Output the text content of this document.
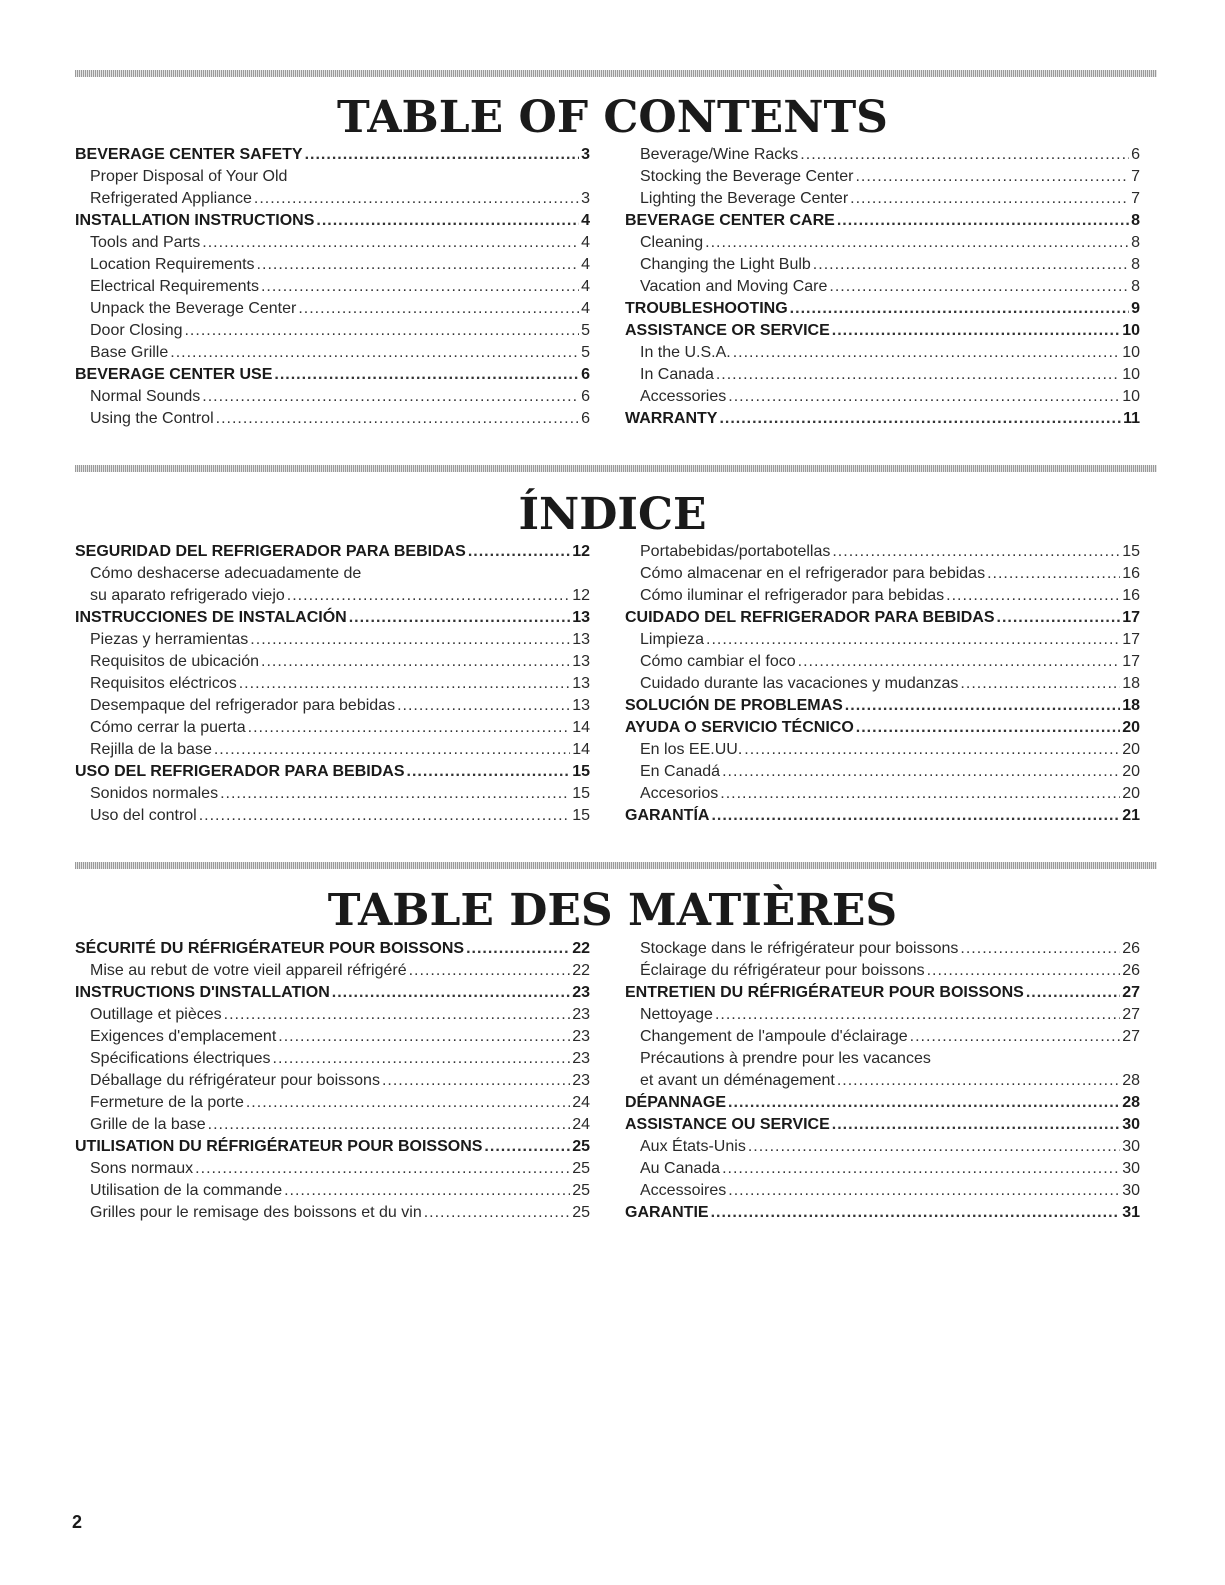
TABLE OF CONTENTS
BEVERAGE CENTER SAFETY .....	3
Proper Disposal of Your Old
Refrigerated Appliance .....	3
INSTALLATION INSTRUCTIONS .....	4
Tools and Parts .....	4
Location Requirements .....	4
Electrical Requirements .....	4
Unpack the Beverage Center .....	4
Door Closing .....	5
Base Grille .....	5
BEVERAGE CENTER USE .....	6
Normal Sounds .....	6
Using the Control .....	6
Beverage/Wine Racks .....	6
Stocking the Beverage Center .....	7
Lighting the Beverage Center .....	7
BEVERAGE CENTER CARE .....	8
Cleaning .....	8
Changing the Light Bulb .....	8
Vacation and Moving Care .....	8
TROUBLESHOOTING .....	9
ASSISTANCE OR SERVICE .....	10
In the U.S.A. .....	10
In Canada .....	10
Accessories .....	10
WARRANTY .....	11
ÍNDICE
SEGURIDAD DEL REFRIGERADOR PARA BEBIDAS .....	12
Cómo deshacerse adecuadamente de
su aparato refrigerado viejo .....	12
INSTRUCCIONES DE INSTALACIÓN .....	13
Piezas y herramientas .....	13
Requisitos de ubicación .....	13
Requisitos eléctricos .....	13
Desempaque del refrigerador para bebidas .....	13
Cómo cerrar la puerta .....	14
Rejilla de la base .....	14
USO DEL REFRIGERADOR PARA BEBIDAS .....	15
Sonidos normales .....	15
Uso del control .....	15
Portabebidas/portabotellas .....	15
Cómo almacenar en el refrigerador para bebidas .....	16
Cómo iluminar el refrigerador para bebidas .....	16
CUIDADO DEL REFRIGERADOR PARA BEBIDAS .....	17
Limpieza .....	17
Cómo cambiar el foco .....	17
Cuidado durante las vacaciones y mudanzas .....	18
SOLUCIÓN DE PROBLEMAS .....	18
AYUDA O SERVICIO TÉCNICO .....	20
En los EE.UU. .....	20
En Canadá .....	20
Accesorios .....	20
GARANTÍA .....	21
TABLE DES MATIÈRES
SÉCURITÉ DU RÉFRIGÉRATEUR POUR BOISSONS .....	22
Mise au rebut de votre vieil appareil réfrigéré .....	22
INSTRUCTIONS D'INSTALLATION .....	23
Outillage et pièces .....	23
Exigences d'emplacement .....	23
Spécifications électriques .....	23
Déballage du réfrigérateur pour boissons .....	23
Fermeture de la porte .....	24
Grille de la base .....	24
UTILISATION DU RÉFRIGÉRATEUR POUR BOISSONS .....	25
Sons normaux .....	25
Utilisation de la commande .....	25
Grilles pour le remisage des boissons et du vin .....	25
Stockage dans le réfrigérateur pour boissons .....	26
Éclairage du réfrigérateur pour boissons .....	26
ENTRETIEN DU RÉFRIGÉRATEUR POUR BOISSONS .....	27
Nettoyage .....	27
Changement de l'ampoule d'éclairage .....	27
Précautions à prendre pour les vacances
et avant un déménagement .....	28
DÉPANNAGE .....	28
ASSISTANCE OU SERVICE .....	30
Aux États-Unis .....	30
Au Canada .....	30
Accessoires .....	30
GARANTIE .....	31
2
